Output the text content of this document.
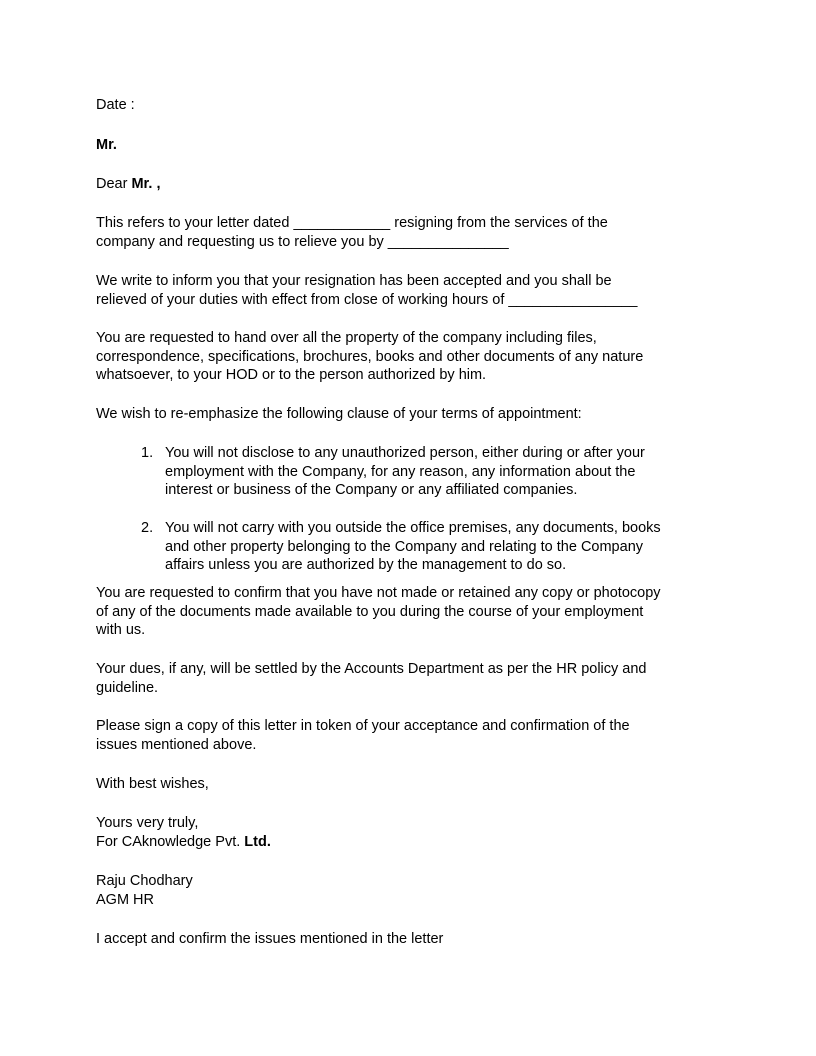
Date :
Mr.
Dear Mr. ,
This refers to your letter dated ____________ resigning from the services of the
company and requesting us to relieve you by _______________
We write to inform you that your resignation has been accepted and you shall be
relieved of your duties with effect from close of working hours of ________________
You are requested to hand over all the property of the company including files,
correspondence, specifications, brochures, books and other documents of any nature
whatsoever, to your HOD or to the person authorized by him.
We wish to re-emphasize the following clause of your terms of appointment:
1. You will not disclose to any unauthorized person, either during or after your
employment with the Company, for any reason, any information about the
interest or business of the Company or any affiliated companies.
2. You will not carry with you outside the office premises, any documents, books
and other property belonging to the Company and relating to the Company
affairs unless you are authorized by the management to do so.
You are requested to confirm that you have not made or retained any copy or photocopy
of any of the documents made available to you during the course of your employment
with us.
Your dues, if any, will be settled by the Accounts Department as per the HR policy and
guideline.
Please sign a copy of this letter in token of your acceptance and confirmation of the
issues mentioned above.
With best wishes,
Yours very truly,
For CAknowledge Pvt. Ltd.
Raju Chodhary
AGM HR
I accept and confirm the issues mentioned in the letter
